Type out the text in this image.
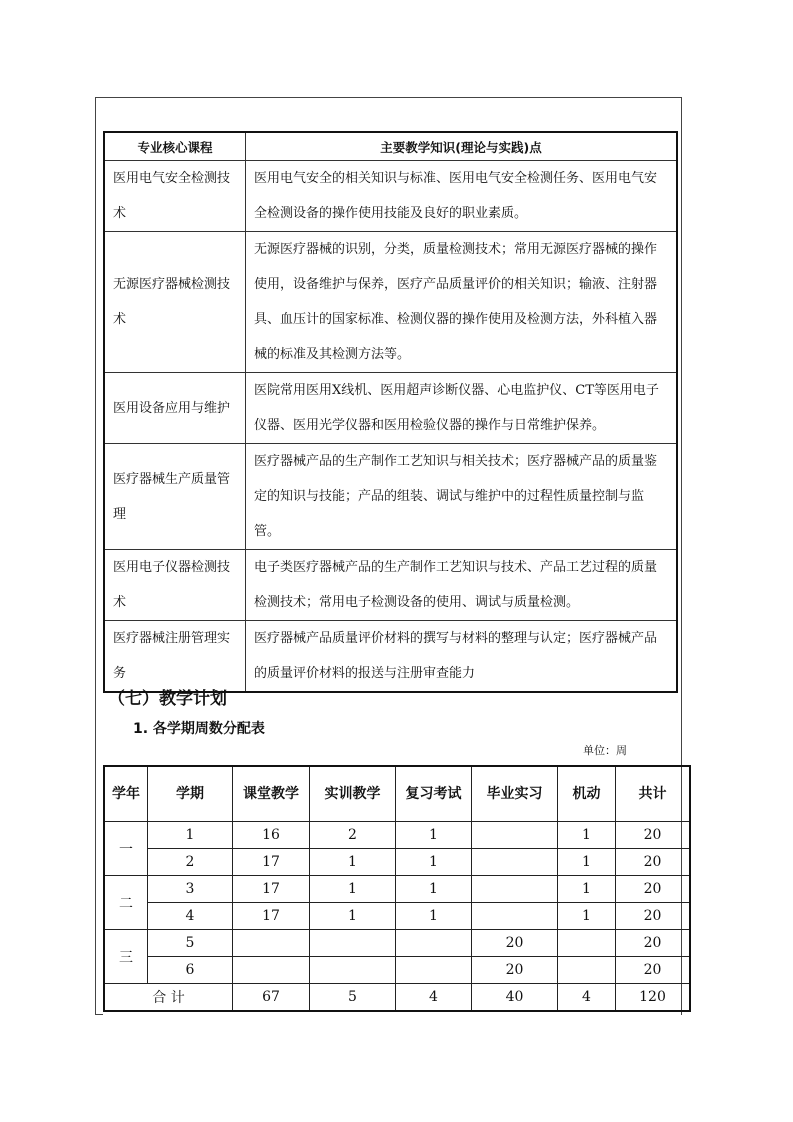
专业核心课程	主要教学知识(理论与实践)点
医用电气安全检测技术	医用电气安全的相关知识与标准、医用电气安全检测任务、医用电气安全检测设备的操作使用技能及良好的职业素质。
无源医疗器械检测技术	无源医疗器械的识别，分类，质量检测技术；常用无源医疗器械的操作使用，设备维护与保养，医疗产品质量评价的相关知识；输液、注射器具、血压计的国家标准、检测仪器的操作使用及检测方法，外科植入器械的标准及其检测方法等。
医用设备应用与维护	医院常用医用X线机、医用超声诊断仪器、心电监护仪、CT等医用电子仪器、医用光学仪器和医用检验仪器的操作与日常维护保养。
医疗器械生产质量管理	医疗器械产品的生产制作工艺知识与相关技术；医疗器械产品的质量鉴定的知识与技能；产品的组装、调试与维护中的过程性质量控制与监管。
医用电子仪器检测技术	电子类医疗器械产品的生产制作工艺知识与技术、产品工艺过程的质量检测技术；常用电子检测设备的使用、调试与质量检测。
医疗器械注册管理实务	医疗器械产品质量评价材料的撰写与材料的整理与认定；医疗器械产品的质量评价材料的报送与注册审查能力
（七）教学计划
1. 各学期周数分配表
单位：周
学年	学期	课堂教学	实训教学	复习考试	毕业实习	机动	共计
一	1	16	2	1		1	20
	2	17	1	1		1	20
二	3	17	1	1		1	20
	4	17	1	1		1	20
三	5				20		20
	6				20		20
合 计		67	5	4	40	4	120
